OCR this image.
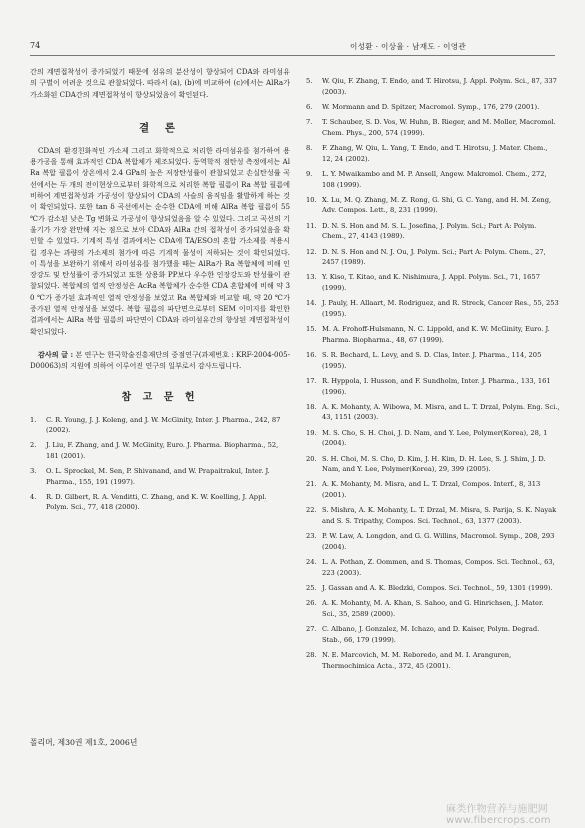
74	이성환 · 이상율 · 남재도 · 이영관

간의 계면접착성이 증가되었기 때문에 섬유의 분산성이 향상되어 CDA와 라미섬유의 구별이 어려운 것으로 관찰되었다. 따라서 (a), (b)에 비교하여 (c)에서는 AlRa가 가소화된 CDA간의 계면접착성이 향상되었음이 확인된다.

결 론

CDA의 환경친화적인 가소제 그리고 화학적으로 처리한 라미섬유를 첨가하여 용용가공을 통해 효과적인 CDA 복합체가 제조되었다. 동역학적 점탄성 측정에서는 AlRa 복합 필름이 상온에서 2.4 GPa의 높은 저장탄성률이 관찰되었고 손실탄성률 곡선에서는 두 개의 전이현상으로부터 화학적으로 처리한 복합 필름이 Ra 복합 필름에 비하여 계면접착성과 가공성이 향상되어 CDA의 사슬의 움직임을 활발하게 하는 것이 확인되었다. 또한 tan δ 곡선에서는 순수한 CDA에 비해 AlRa 복합 필름이 55 ℃가 감소된 낮은 Tg 변화로 가공성이 향상되었음을 알 수 있었다. 그리고 곡선의 기울기가 가장 완만해 지는 점으로 보아 CDA와 AlRa 간의 접착성이 증가되었음을 확인할 수 있었다. 기계적 특성 결과에서는 CDA에 TA/ESO의 혼합 가소제를 적용시킬 경우는 과량의 가소제의 첨가에 따른 기계적 물성이 저하되는 것이 확인되었다. 이 특성을 보완하기 위해서 라미섬유를 첨가했을 때는 AlRa가 Ra 복합체에 비해 인장강도 및 탄성률이 증가되었고 또한 상용화 PP보다 우수한 인장강도와 탄성률이 관찰되었다. 복합체의 열적 안정성은 AcRa 복합체가 순수한 CDA 혼합체에 비해 약 30 ℃가 증가된 효과적인 열적 안정성을 보였고 Ra 복합체와 비교할 때, 약 20 ℃가 증가된 열적 안정성을 보였다. 복합 필름의 파단면으로부터 SEM 이미지를 확인한 결과에서는 AlRa 복합 필름의 파단면이 CDA와 라미섬유간의 향상된 계면접착성이 확인되었다.

감사의 글 : 본 연구는 한국학술진흥재단의 중점연구(과제번호 : KRF-2004-005-D00063)의 지원에 의하여 이루어진 연구의 일부로서 감사드립니다.

참 고 문 헌
1. C. R. Young, J. J. Koleng, and J. W. McGinity, Inter. J. Pharma., 242, 87 (2002).
2. J. Liu, F. Zhang, and J. W. McGinity, Euro. J. Pharma. Biopharma., 52, 181 (2001).
3. O. L. Sprockel, M. Sen, P. Shivanand, and W. Prapaitrakul, Inter. J. Pharma., 155, 191 (1997).
4. R. D. Gilbert, R. A. Venditti, C. Zhang, and K. W. Koelling, J. Appl. Polym. Sci., 77, 418 (2000).
5. W. Qiu, F. Zhang, T. Endo, and T. Hirotsu, J. Appl. Polym. Sci., 87, 337 (2003).
6. W. Mormann and D. Spitzer, Macromol. Symp., 176, 279 (2001).
7. T. Schauber, S. D. Vos, W. Huhn, B. Rieger, and M. Moller, Macromol. Chem. Phys., 200, 574 (1999).
8. F. Zhang, W. Qiu, L. Yang, T. Endo, and T. Hirotsu, J. Mater. Chem., 12, 24 (2002).
9. L. Y. Mwaikambo and M. P. Ansell, Angew. Makromol. Chem., 272, 108 (1999).
10. X. Lu, M. Q. Zhang, M. Z. Rong, G. Shi, G. C. Yang, and H. M. Zeng, Adv. Compos. Lett., 8, 231 (1999).
11. D. N. S. Hon and M. S. L. Josefina, J. Polym. Sci.; Part A: Polym. Chem., 27, 4143 (1989).
12. D. N. S. Hon and N. J. Ou, J. Polym. Sci.; Part A: Polym. Chem., 27, 2457 (1989).
13. Y. Kiso, T. Kitao, and K. Nishimura, J. Appl. Polym. Sci., 71, 1657 (1999).
14. J. Pauly, H. Allaart, M. Rodriguez, and R. Streck, Cancer Res., 55, 253 (1995).
15. M. A. Frohoff-Hulsmann, N. C. Lippold, and K. W. McGinity, Euro. J. Pharma. Biopharma., 48, 67 (1999).
16. S. R. Bechard, L. Levy, and S. D. Clas, Inter. J. Pharma., 114, 205 (1995).
17. R. Hyppola, I. Husson, and F. Sundholm, Inter. J. Pharma., 133, 161 (1996).
18. A. K. Mohanty, A. Wibowa, M. Misra, and L. T. Drzal, Polym. Eng. Sci., 43, 1151 (2003).
19. M. S. Cho, S. H. Choi, J. D. Nam, and Y. Lee, Polymer(Korea), 28, 1 (2004).
20. S. H. Choi, M. S. Cho, D. Kim, J. H. Kim, D. H. Lee, S. J. Shim, J. D. Nam, and Y. Lee, Polymer(Korea), 29, 399 (2005).
21. A. K. Mohanty, M. Misra, and L. T. Drzal, Compos. Interf., 8, 313 (2001).
22. S. Mishra, A. K. Mohanty, L. T. Drzal, M. Misra, S. Parija, S. K. Nayak and S. S. Tripathy, Compos. Sci. Technol., 63, 1377 (2003).
23. P. W. Law, A. Longdon, and G. G. Willins, Macromol. Symp., 208, 293 (2004).
24. L. A. Pothan, Z. Oommen, and S. Thomas, Compos. Sci. Technol., 63, 223 (2003).
25. J. Gassan and A. K. Bledzki, Compos. Sci. Technol., 59, 1301 (1999).
26. A. K. Mohanty, M. A. Khan, S. Sahoo, and G. Hinrichsen, J. Mater. Sci., 35, 2589 (2000).
27. C. Albano, J. Gonzalez, M. Ichazo, and D. Kaiser, Polym. Degrad. Stab., 66, 179 (1999).
28. N. E. Marcovich, M. M. Reboredo, and M. I. Aranguren, Thermochimica Acta., 372, 45 (2001).
폴리머, 제30권 제1호, 2006년
麻类作物营养与施肥网 www.fibercrops.com
